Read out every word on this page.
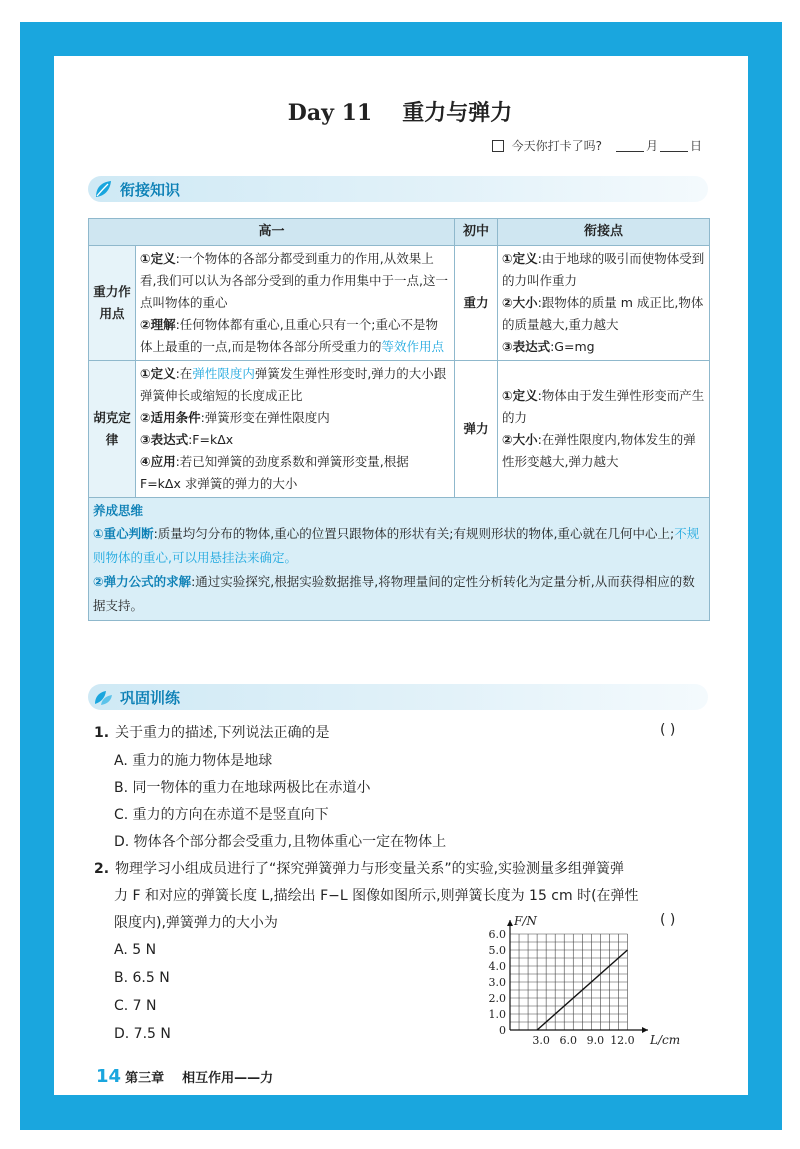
Day 11 重力与弹力
今天你打卡了吗?	月	日
衔接知识
高一		初中	衔接点
重力作用点	①定义:一个物体的各部分都受到重力的作用,从效果上看,我们可以认为各部分受到的重力作用集中于一点,这一点叫物体的重心
②理解:任何物体都有重心,且重心只有一个;重心不是物体上最重的一点,而是物体各部分所受重力的等效作用点	重力	①定义:由于地球的吸引而使物体受到的力叫作重力
②大小:跟物体的质量 m 成正比,物体的质量越大,重力越大
③表达式:G=mg
胡克定律	①定义:在弹性限度内弹簧发生弹性形变时,弹力的大小跟弹簧伸长或缩短的长度成正比
②适用条件:弹簧形变在弹性限度内
③表达式:F=kΔx
④应用:若已知弹簧的劲度系数和弹簧形变量,根据 F=kΔx 求弹簧的弹力的大小	弹力	①定义:物体由于发生弹性形变而产生的力
②大小:在弹性限度内,物体发生的弹性形变越大,弹力越大

养成思维
①重心判断:质量均匀分布的物体,重心的位置只跟物体的形状有关;有规则形状的物体,重心就在几何中心上;不规则物体的重心,可以用悬挂法来确定。
②弹力公式的求解:通过实验探究,根据实验数据推导,将物理量间的定性分析转化为定量分析,从而获得相应的数据支持。			
巩固训练
1. 关于重力的描述,下列说法正确的是	( )
A. 重力的施力物体是地球
B. 同一物体的重力在地球两极比在赤道小
C. 重力的方向在赤道不是竖直向下
D. 物体各个部分都会受重力,且物体重心一定在物体上
2. 物理学习小组成员进行了“探究弹簧弹力与形变量关系”的实验,实验测量多组弹簧弹
力 F 和对应的弹簧长度 L,描绘出 F−L 图像如图所示,则弹簧长度为 15 cm 时(在弹性
限度内),弹簧弹力的大小为	( )
A. 5 N
B. 6.5 N
C. 7 N
D. 7.5 N	0
1.0
2.0
3.0
4.0
5.0
6.0
3.0 6.0 9.0 12.0
F/N
L/cm
14 第三章 相互作用——力
